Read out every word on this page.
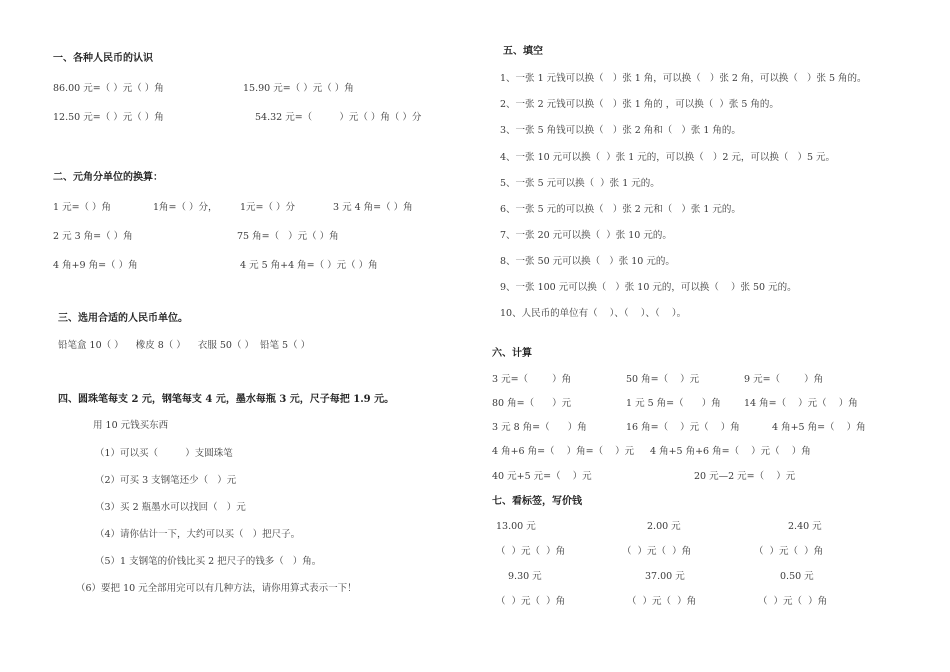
一、各种人民币的认识
86.00 元=（ ）元（ ）角	15.90 元=（ ）元（ ）角
12.50 元=（ ）元（ ）角	54.32 元=（         ）元（ ）角（ ）分
二、元角分单位的换算：
1 元=（ ）角	1角=（ ）分， 1元=（ ）分	3 元 4 角=（ ）角
2 元 3 角=（ ）角	75 角=（   ）元（ ）角
4 角+9 角=（ ）角	4 元 5 角+4 角=（ ）元（ ）角
三、选用合适的人民币单位。
铅笔盒 10（ ）    橡皮 8（ ）    衣服 50（ ）  铅笔 5（ ）
四、圆珠笔每支 2 元，钢笔每支 4 元，墨水每瓶 3 元，尺子每把 1.9 元。
用 10 元钱买东西
（1）可以买（         ）支圆珠笔
（2）可买 3 支钢笔还少（   ）元
（3）买 2 瓶墨水可以找回（   ）元
（4）请你估计一下，大约可以买（   ）把尺子。
（5）1 支钢笔的价钱比买 2 把尺子的钱多（   ）角。
（6）要把 10 元全部用完可以有几种方法，请你用算式表示一下！
五、填空
1、一张 1 元钱可以换（   ）张 1 角，可以换（   ）张 2 角，可以换（   ）张 5 角的。
2、一张 2 元钱可以换（   ）张 1 角的 ，可以换（  ）张 5 角的。
3、一张 5 角钱可以换（   ）张 2 角和（   ）张 1 角的。
4、一张 10 元可以换（  ）张 1 元的，可以换（   ）2 元，可以换（   ）5 元。
5、一张 5 元可以换（  ）张 1 元的。
6、一张 5 元的可以换（   ）张 2 元和（   ）张 1 元的。
7、一张 20 元可以换（  ）张 10 元的。
8、一张 50 元可以换（   ）张 10 元的。
9、一张 100 元可以换（   ）张 10 元的，可以换（    ）张 50 元的。
10、人民币的单位有（    ）、（    ）、（    ）。
六、计算
3 元=（        ）角	50 角=（    ）元	9 元=（        ）角
80 角=（      ）元	1 元 5 角=（      ）角 14 角=（    ）元（    ）角
3 元 8 角=（      ）角	16 角=（    ）元（    ）角	4 角+5 角=（    ）角
4 角+6 角=（    ）角=（    ）元 4 角+5 角+6 角=（    ）元（    ）角
40 元+5 元=（    ）元	20 元—2 元=（    ）元
七、看标签，写价钱
13.00 元	2.00 元	2.40 元
（  ）元（  ）角	（  ）元（  ）角	（  ）元（  ）角
9.30 元	37.00 元	0.50 元
（  ）元（  ）角	（  ）元（  ）角	（  ）元（  ）角
